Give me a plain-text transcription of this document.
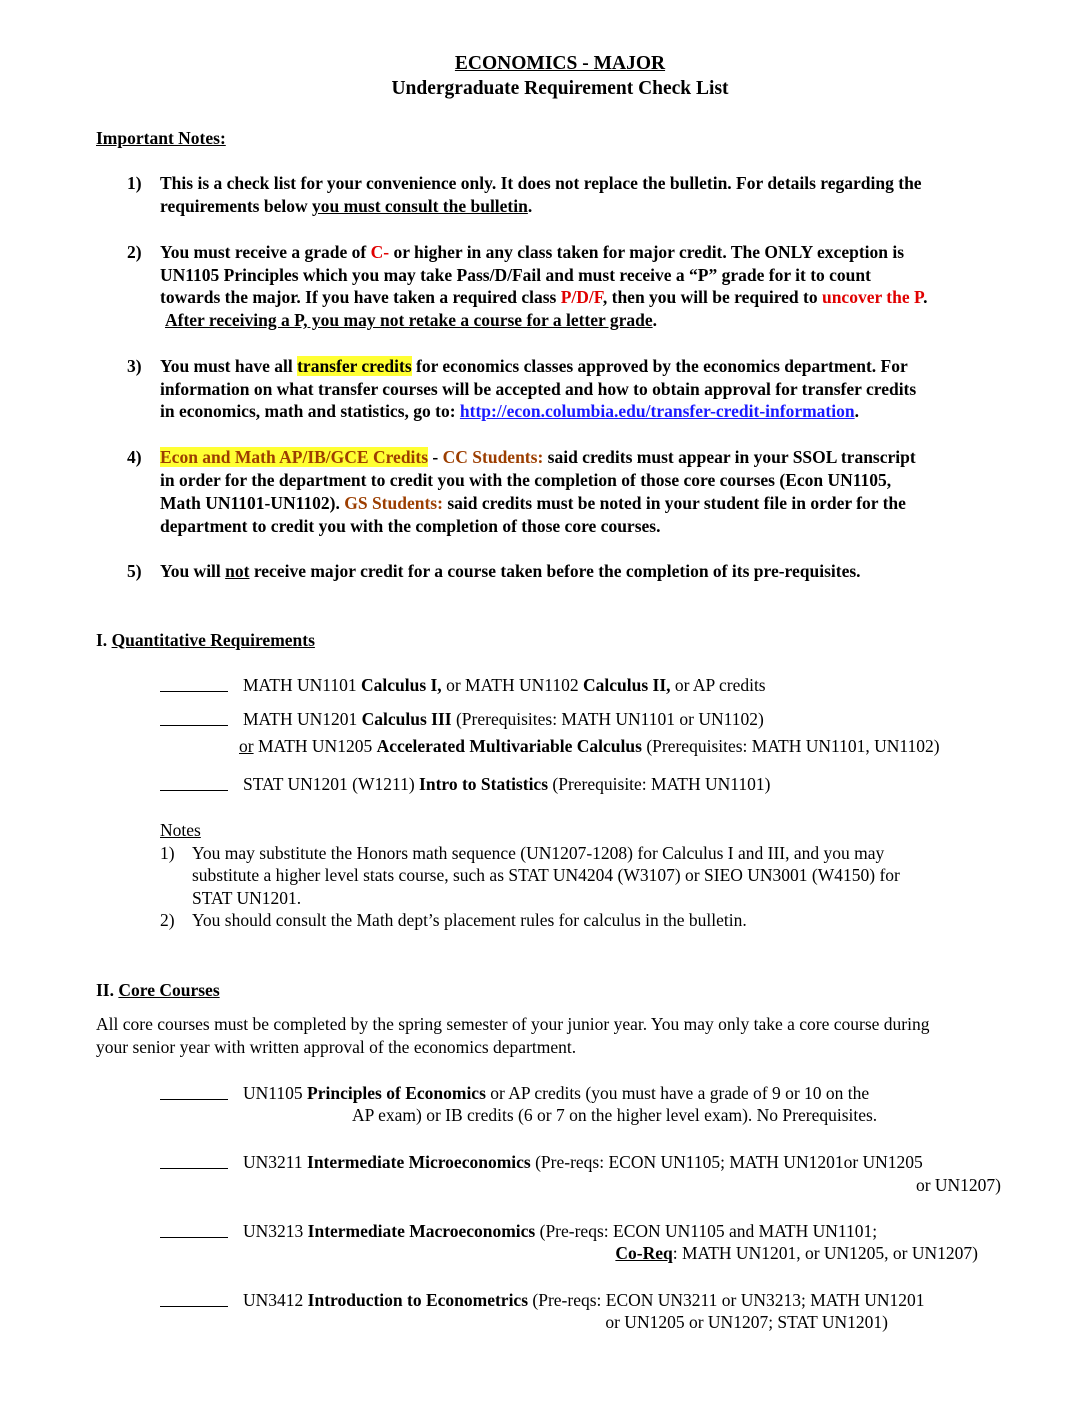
ECONOMICS - MAJOR
Undergraduate Requirement Check List
Important Notes:
1) This is a check list for your convenience only. It does not replace the bulletin. For details regarding the
requirements below you must consult the bulletin.
2) You must receive a grade of C- or higher in any class taken for major credit. The ONLY exception is
UN1105 Principles which you may take Pass/D/Fail and must receive a “P” grade for it to count
towards the major. If you have taken a required class P/D/F, then you will be required to uncover the P.
After receiving a P, you may not retake a course for a letter grade.
3) You must have all transfer credits for economics classes approved by the economics department. For
information on what transfer courses will be accepted and how to obtain approval for transfer credits
in economics, math and statistics, go to: http://econ.columbia.edu/transfer-credit-information.
4) Econ and Math AP/IB/GCE Credits - CC Students: said credits must appear in your SSOL transcript
in order for the department to credit you with the completion of those core courses (Econ UN1105,
Math UN1101-UN1102). GS Students: said credits must be noted in your student file in order for the
department to credit you with the completion of those core courses.
5) You will not receive major credit for a course taken before the completion of its pre-requisites.
I. Quantitative Requirements
MATH UN1101 Calculus I, or MATH UN1102 Calculus II, or AP credits
MATH UN1201 Calculus III (Prerequisites: MATH UN1101 or UN1102)
or MATH UN1205 Accelerated Multivariable Calculus (Prerequisites: MATH UN1101, UN1102)
STAT UN1201 (W1211) Intro to Statistics (Prerequisite: MATH UN1101)
Notes
1) You may substitute the Honors math sequence (UN1207-1208) for Calculus I and III, and you may
substitute a higher level stats course, such as STAT UN4204 (W3107) or SIEO UN3001 (W4150) for
STAT UN1201.
2) You should consult the Math dept’s placement rules for calculus in the bulletin.
II. Core Courses
All core courses must be completed by the spring semester of your junior year. You may only take a core course during
your senior year with written approval of the economics department.
UN1105 Principles of Economics or AP credits (you must have a grade of 9 or 10 on the
AP exam) or IB credits (6 or 7 on the higher level exam). No Prerequisites.
UN3211 Intermediate Microeconomics (Pre-reqs: ECON UN1105; MATH UN1201or UN1205
or UN1207)
UN3213 Intermediate Macroeconomics (Pre-reqs: ECON UN1105 and MATH UN1101;
Co-Req: MATH UN1201, or UN1205, or UN1207)
UN3412 Introduction to Econometrics (Pre-reqs: ECON UN3211 or UN3213; MATH UN1201
or UN1205 or UN1207; STAT UN1201)
